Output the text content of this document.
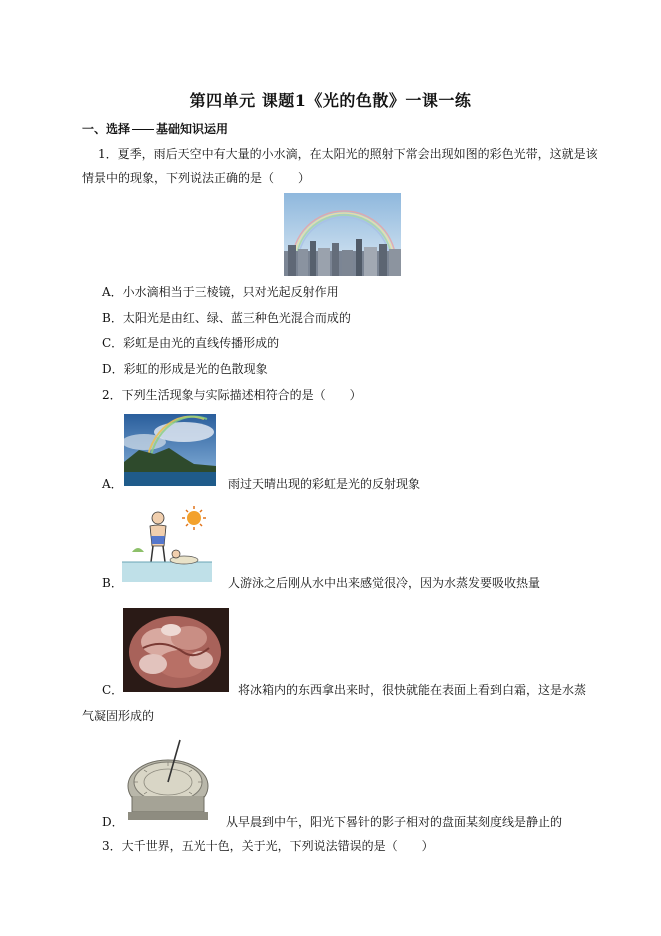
第四单元 课题1《光的色散》一课一练
一、选择 基础知识运用
1．夏季，雨后天空中有大量的小水滴，在太阳光的照射下常会出现如图的彩色光带，这就是该
情景中的现象，下列说法正确的是（　　）
A．小水滴相当于三棱镜，只对光起反射作用
B．太阳光是由红、绿、蓝三种色光混合而成的
C．彩虹是由光的直线传播形成的
D．彩虹的形成是光的色散现象
2．下列生活现象与实际描述相符合的是（　　）
A．	雨过天晴出现的彩虹是光的反射现象
B．	人游泳之后刚从水中出来感觉很冷，因为水蒸发要吸收热量
C．	将冰箱内的东西拿出来时，很快就能在表面上看到白霜，这是水蒸
气凝固形成的
D．	从早晨到中午，阳光下晷针的影子相对的盘面某刻度线是静止的
3．大千世界，五光十色，关于光，下列说法错误的是（　　）
